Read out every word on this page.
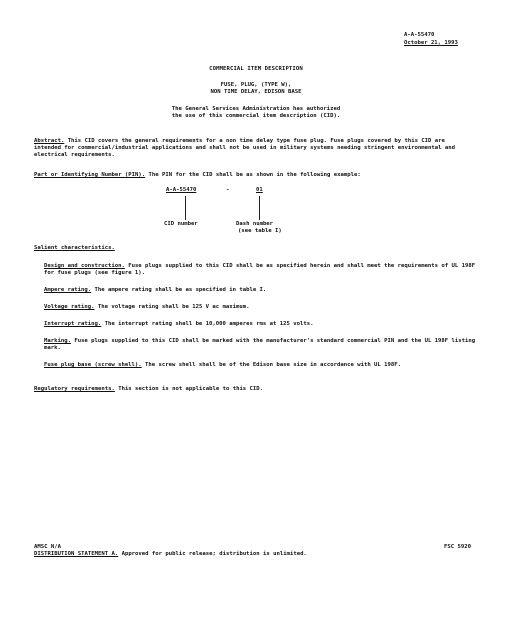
A-A-55470
October 21, 1993
COMMERCIAL ITEM DESCRIPTION
FUSE, PLUG, (TYPE W),
NON TIME DELAY, EDISON BASE
The General Services Administration has authorized
the use of this commercial item description (CID).
Abstract. This CID covers the general requirements for a non time delay type fuse plug. Fuse plugs covered by this CID are intended for commercial/industrial applications and shall not be used in military systems needing stringent environmental and electrical requirements.
Part or Identifying Number (PIN). The PIN for the CID shall be as shown in the following example:
A-A-55470	-	01
CID number	Dash number
(see table I)
Salient characteristics.
Design and construction. Fuse plugs supplied to this CID shall be as specified herein and shall meet the requirements of UL 198F for fuse plugs (see figure 1).
Ampere rating. The ampere rating shall be as specified in table I.
Voltage rating. The voltage rating shall be 125 V ac maximum.
Interrupt rating. The interrupt rating shall be 10,000 amperes rms at 125 volts.
Marking. Fuse plugs supplied to this CID shall be marked with the manufacturer's standard commercial PIN and the UL 198F listing mark.
Fuse plug base (screw shell). The screw shell shall be of the Edison base size in accordance with UL 198F.
Regulatory requirements. This section is not applicable to this CID.
AMSC N/A	FSC 5920
DISTRIBUTION STATEMENT A. Approved for public release; distribution is unlimited.
